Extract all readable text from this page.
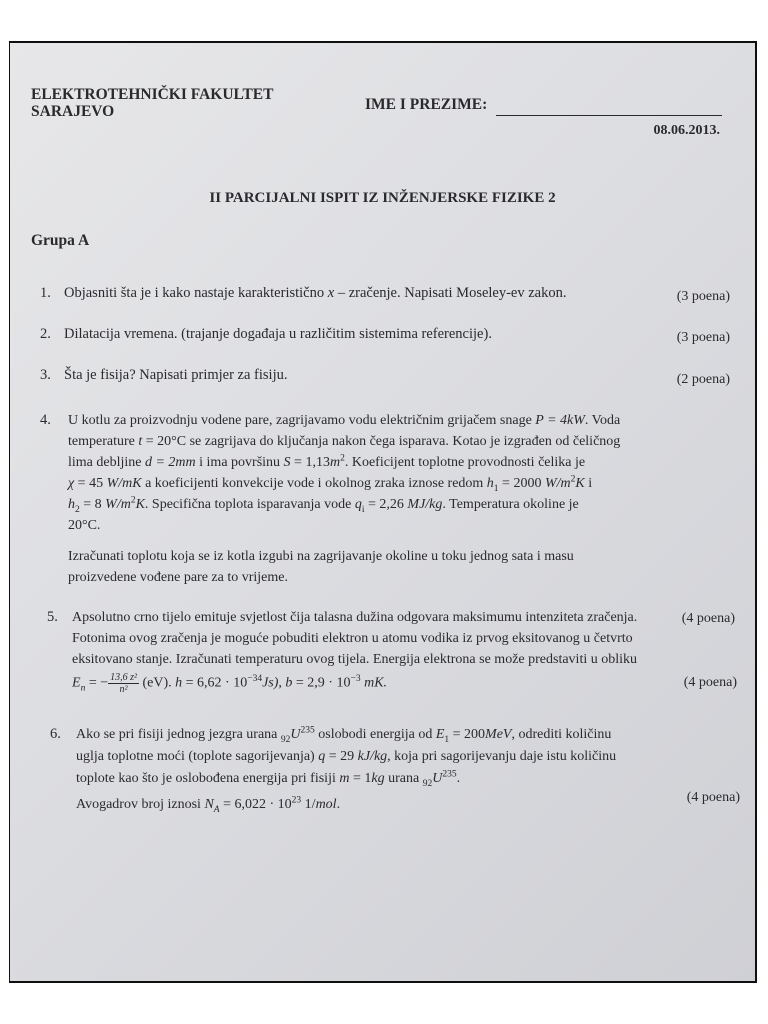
ELEKTROTEHNIČKI FAKULTET
SARAJEVO	IME I PREZIME:
08.06.2013.
II PARCIJALNI ISPIT IZ INŽENJERSKE FIZIKE 2
Grupa A
1. Objasniti šta je i kako nastaje karakteristično x – zračenje. Napisati Moseley-ev zakon.	(3 poena)
2. Dilatacija vremena. (trajanje događaja u različitim sistemima referencije).	(3 poena)
3. Šta je fisija? Napisati primjer za fisiju.	(2 poena)
4. U kotlu za proizvodnju vodene pare, zagrijavamo vodu električnim grijačem snage P = 4kW. Voda
temperature t = 20°C se zagrijava do ključanja nakon čega isparava. Kotao je izgrađen od čeličnog
lima debljine d = 2mm i ima površinu $S = 1,13m^2$. Koeficijent toplotne provodnosti čelika je
χ = 45 W/mK a koeficijenti konvekcije vode i okolnog zraka iznose redom $h_1 = 2000$ $W/m^2K$ i
$h_2 = 8$ $W/m^2K$. Specifična toplota isparavanja vode $q_i = 2,26$ MJ/kg. Temperatura okoline je
20°C.
Izračunati toplotu koja se iz kotla izgubi na zagrijavanje okoline u toku jednog sata i masu
proizvedene vođene pare za to vrijeme.
(4 poena)
5. Apsolutno crno tijelo emituje svjetlost čija talasna dužina odgovara maksimumu intenziteta zračenja.
Fotonima ovog zračenja je moguće pobuditi elektron u atomu vodika iz prvog eksitovanog u četvrto
eksitovano stanje. Izračunati temperaturu ovog tijela. Energija elektrona se može predstaviti u obliku
$E_n$ = − $\frac{\text{13,6 z²}}{\text{n²}} (eV)$. $h = 6,62 \cdot 10^{-34}Js$), $b = 2,9 \cdot 10^{-3}$ mK.	(4 poena)
6. Ako se pri fisiji jednog jezgra urana $_{92}U^{235}$ oslobodi energija od $E_1 = 200MeV$, odrediti količinu
uglja toplotne moći (toplote sagorijevanja) q = 29 kJ/kg, koja pri sagorijevanju daje istu količinu
toplote kao što je oslobođena energija pri fisiji m = 1kg urana $_{92}U^{235}$.
Avogadrov broj iznosi $N_A = 6,022 \cdot 10^{23}$ 1/mol.	(4 poena)
